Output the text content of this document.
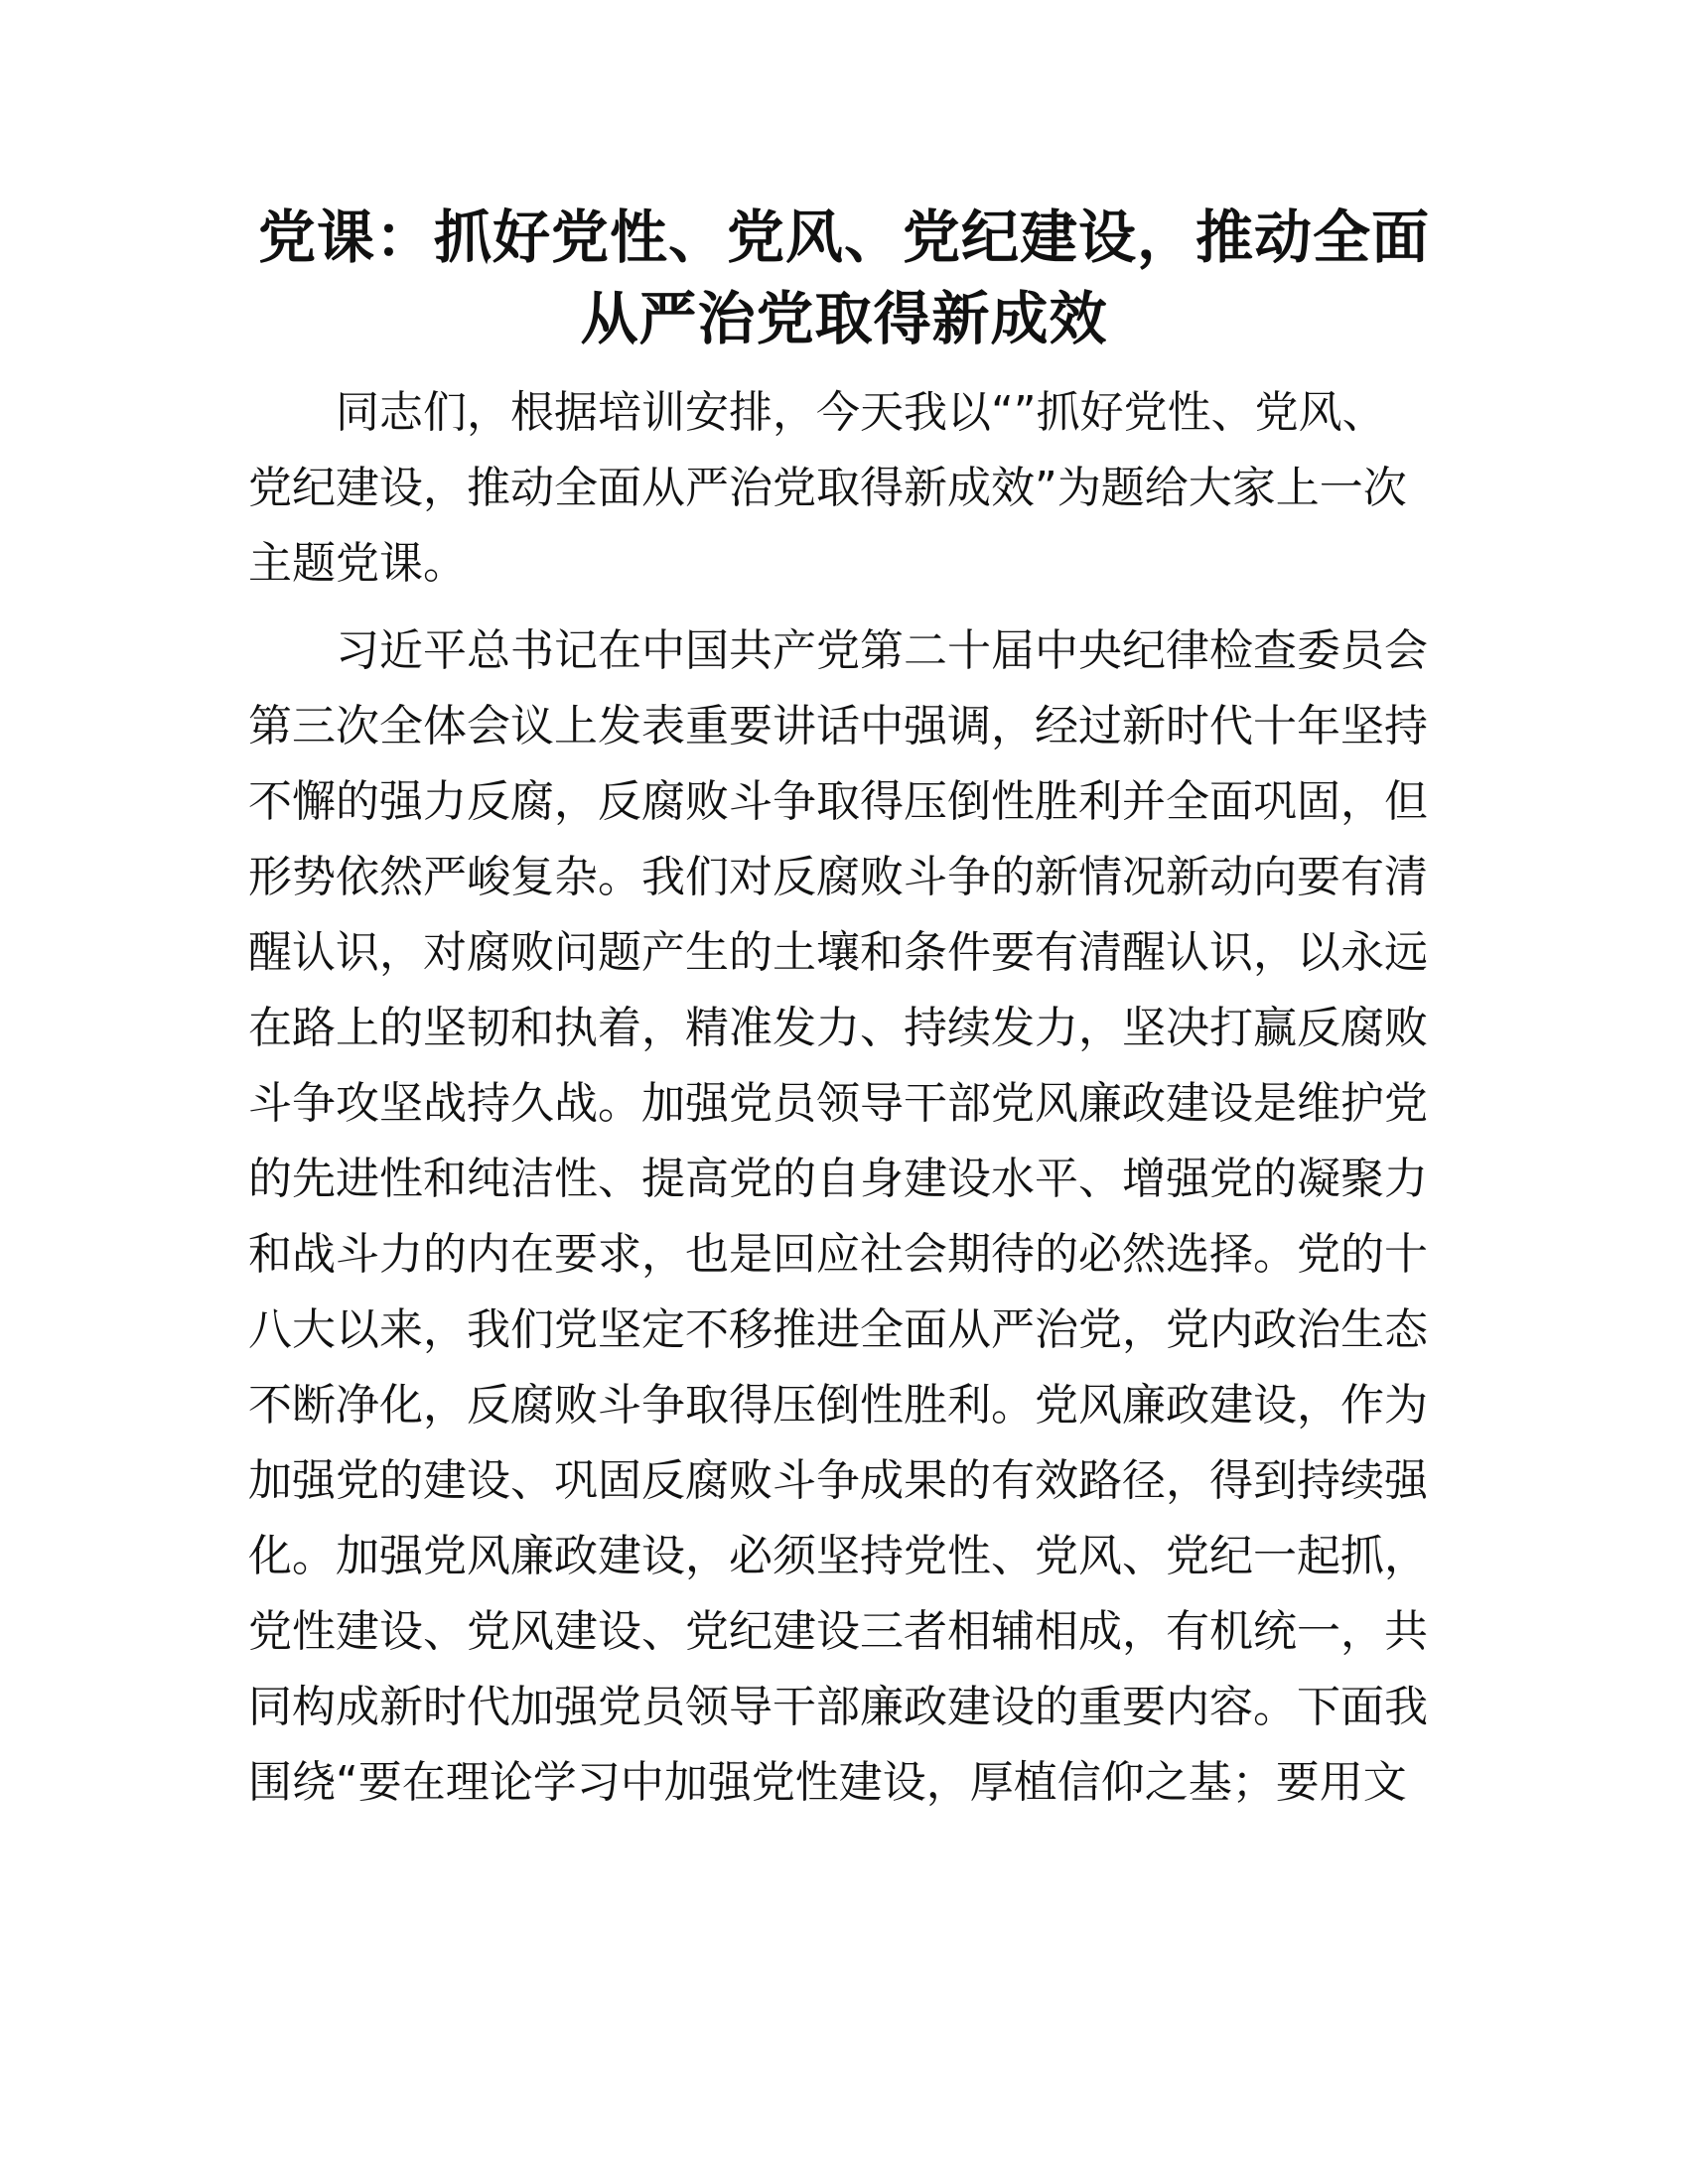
党课：抓好党性、党风、党纪建设，推动全面
从严治党取得新成效

同志们，根据培训安排，今天我以“”抓好党性、党风、
党纪建设，推动全面从严治党取得新成效”为题给大家上一次
主题党课。

习近平总书记在中国共产党第二十届中央纪律检查委员会
第三次全体会议上发表重要讲话中强调，经过新时代十年坚持
不懈的强力反腐，反腐败斗争取得压倒性胜利并全面巩固，但
形势依然严峻复杂。我们对反腐败斗争的新情况新动向要有清
醒认识，对腐败问题产生的土壤和条件要有清醒认识，以永远
在路上的坚韧和执着，精准发力、持续发力，坚决打赢反腐败
斗争攻坚战持久战。加强党员领导干部党风廉政建设是维护党
的先进性和纯洁性、提高党的自身建设水平、增强党的凝聚力
和战斗力的内在要求，也是回应社会期待的必然选择。党的十
八大以来，我们党坚定不移推进全面从严治党，党内政治生态
不断净化，反腐败斗争取得压倒性胜利。党风廉政建设，作为
加强党的建设、巩固反腐败斗争成果的有效路径，得到持续强
化。加强党风廉政建设，必须坚持党性、党风、党纪一起抓，
党性建设、党风建设、党纪建设三者相辅相成，有机统一，共
同构成新时代加强党员领导干部廉政建设的重要内容。下面我
围绕“要在理论学习中加强党性建设，厚植信仰之基；要用文
